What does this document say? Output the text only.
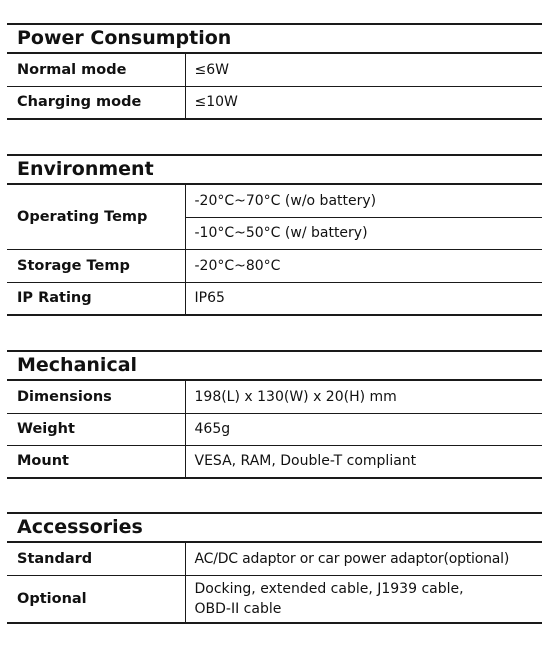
Power Consumption
Normal mode	≤6W
Charging mode	≤10W
Environment
Operating Temp	-20°C~70°C (w/o battery)
	-10°C~50°C (w/ battery)
Storage Temp	-20°C~80°C
IP Rating	IP65
Mechanical
Dimensions	198(L) x 130(W) x 20(H) mm
Weight	465g
Mount	VESA, RAM, Double-T compliant
Accessories
Standard	AC/DC adaptor or car power adaptor(optional)
Optional	Docking, extended cable, J1939 cable,
OBD-II cable
